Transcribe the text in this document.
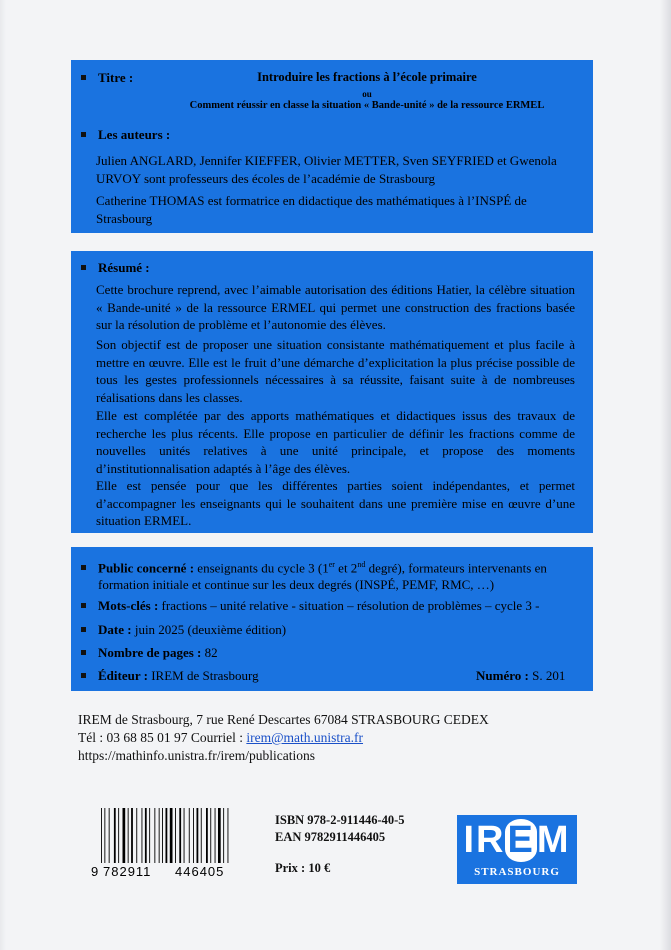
Titre :	Introduire les fractions à l’école primaire
ou
Comment réussir en classe la situation « Bande-unité » de la ressource ERMEL
Les auteurs :
Julien ANGLARD, Jennifer KIEFFER, Olivier METTER, Sven SEYFRIED et Gwenola
URVOY sont professeurs des écoles de l’académie de Strasbourg
Catherine THOMAS est formatrice en didactique des mathématiques à l’INSPÉ de
Strasbourg
Résumé :
Cette brochure reprend, avec l’aimable autorisation des éditions Hatier, la célèbre situation « Bande-unité » de la ressource ERMEL qui permet une construction des fractions basée sur la résolution de problème et l’autonomie des élèves.
Son objectif est de proposer une situation consistante mathématiquement et plus facile à mettre en œuvre. Elle est le fruit d’une démarche d’explicitation la plus précise possible de tous les gestes professionnels nécessaires à sa réussite, faisant suite à de nombreuses réalisations dans les classes.
Elle est complétée par des apports mathématiques et didactiques issus des travaux de recherche les plus récents. Elle propose en particulier de définir les fractions comme de nouvelles unités relatives à une unité principale, et propose des moments d’institutionnalisation adaptés à l’âge des élèves.
Elle est pensée pour que les différentes parties soient indépendantes, et permet d’accompagner les enseignants qui le souhaitent dans une première mise en œuvre d’une situation ERMEL.
Public concerné : enseignants du cycle 3 (1er et 2nd degré), formateurs intervenants en
formation initiale et continue sur les deux degrés (INSPÉ, PEMF, RMC, …)
Mots-clés : fractions – unité relative - situation – résolution de problèmes – cycle 3 -
Date : juin 2025 (deuxième édition)
Nombre de pages : 82
Éditeur : IREM de Strasbourg	Numéro : S. 201
IREM de Strasbourg, 7 rue René Descartes 67084 STRASBOURG CEDEX
Tél : 03 68 85 01 97 Courriel : irem@math.unistra.fr
https://mathinfo.unistra.fr/irem/publications
9 782911 446405
ISBN 978-2-911446-40-5
EAN 9782911446405
Prix : 10 €
IREM
STRASBOURG
